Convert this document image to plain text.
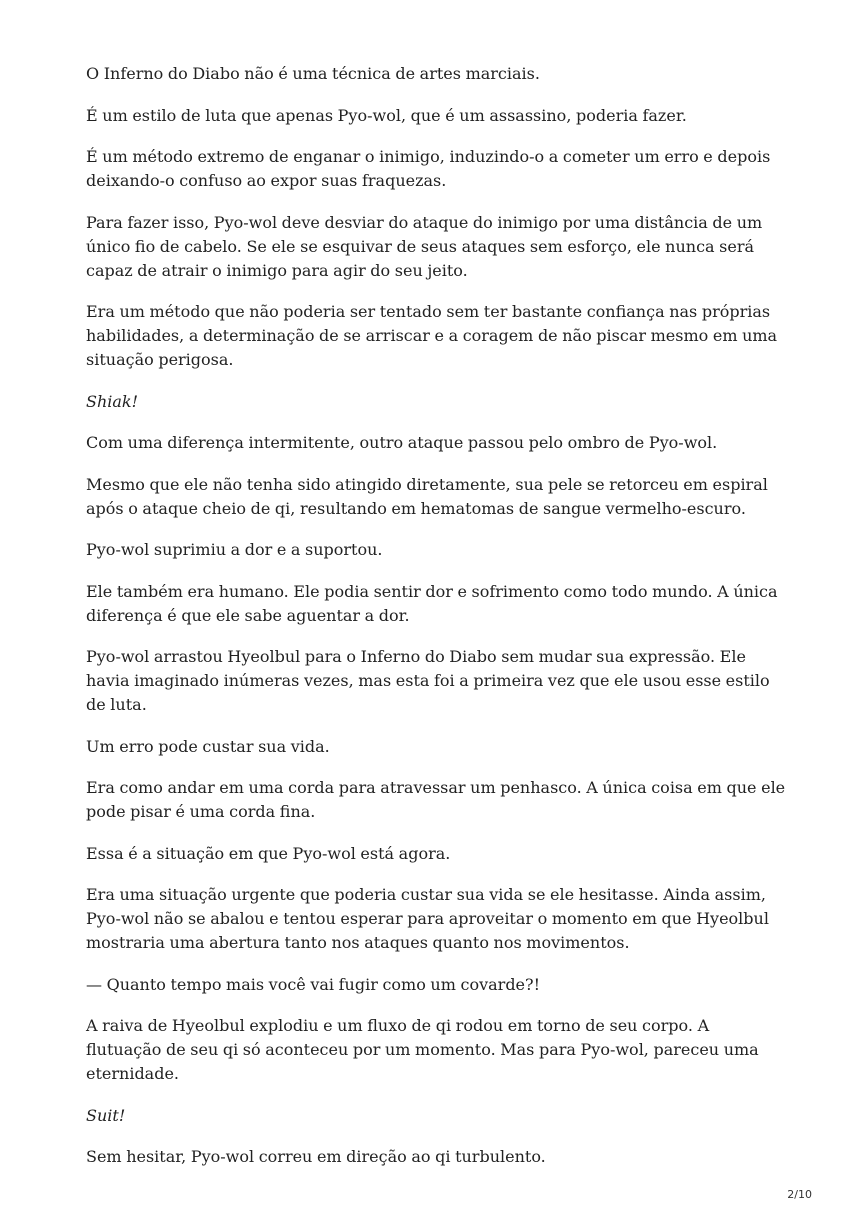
O Inferno do Diabo não é uma técnica de artes marciais.

É um estilo de luta que apenas Pyo-wol, que é um assassino, poderia fazer.

É um método extremo de enganar o inimigo, induzindo-o a cometer um erro e depois deixando-o confuso ao expor suas fraquezas.

Para fazer isso, Pyo-wol deve desviar do ataque do inimigo por uma distância de um único fio de cabelo. Se ele se esquivar de seus ataques sem esforço, ele nunca será capaz de atrair o inimigo para agir do seu jeito.

Era um método que não poderia ser tentado sem ter bastante confiança nas próprias habilidades, a determinação de se arriscar e a coragem de não piscar mesmo em uma situação perigosa.

Shiak!

Com uma diferença intermitente, outro ataque passou pelo ombro de Pyo-wol.

Mesmo que ele não tenha sido atingido diretamente, sua pele se retorceu em espiral após o ataque cheio de qi, resultando em hematomas de sangue vermelho-escuro.

Pyo-wol suprimiu a dor e a suportou.

Ele também era humano. Ele podia sentir dor e sofrimento como todo mundo. A única diferença é que ele sabe aguentar a dor.

Pyo-wol arrastou Hyeolbul para o Inferno do Diabo sem mudar sua expressão. Ele havia imaginado inúmeras vezes, mas esta foi a primeira vez que ele usou esse estilo de luta.

Um erro pode custar sua vida.

Era como andar em uma corda para atravessar um penhasco. A única coisa em que ele pode pisar é uma corda fina.

Essa é a situação em que Pyo-wol está agora.

Era uma situação urgente que poderia custar sua vida se ele hesitasse. Ainda assim, Pyo-wol não se abalou e tentou esperar para aproveitar o momento em que Hyeolbul mostraria uma abertura tanto nos ataques quanto nos movimentos.

— Quanto tempo mais você vai fugir como um covarde?!

A raiva de Hyeolbul explodiu e um fluxo de qi rodou em torno de seu corpo. A flutuação de seu qi só aconteceu por um momento. Mas para Pyo-wol, pareceu uma eternidade.

Suit!

Sem hesitar, Pyo-wol correu em direção ao qi turbulento.

2/10
